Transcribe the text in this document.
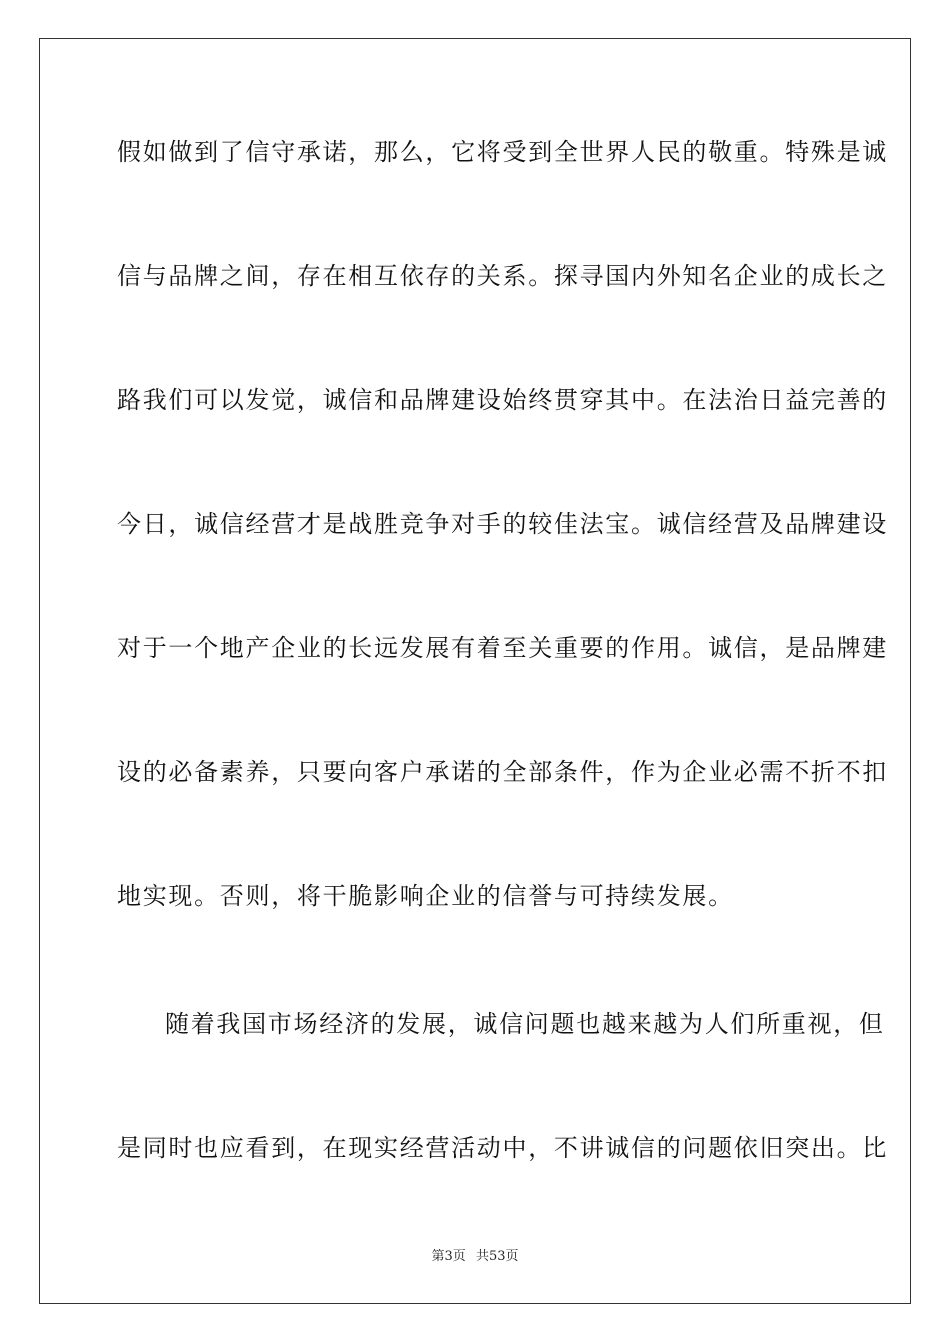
假如做到了信守承诺，那么，它将受到全世界人民的敬重。特殊是诚
信与品牌之间，存在相互依存的关系。探寻国内外知名企业的成长之
路我们可以发觉，诚信和品牌建设始终贯穿其中。在法治日益完善的
今日，诚信经营才是战胜竞争对手的较佳法宝。诚信经营及品牌建设
对于一个地产企业的长远发展有着至关重要的作用。诚信，是品牌建
设的必备素养，只要向客户承诺的全部条件，作为企业必需不折不扣
地实现。否则，将干脆影响企业的信誉与可持续发展。
随着我国市场经济的发展，诚信问题也越来越为人们所重视，但
是同时也应看到，在现实经营活动中，不讲诚信的问题依旧突出。比
第3页 共53页
